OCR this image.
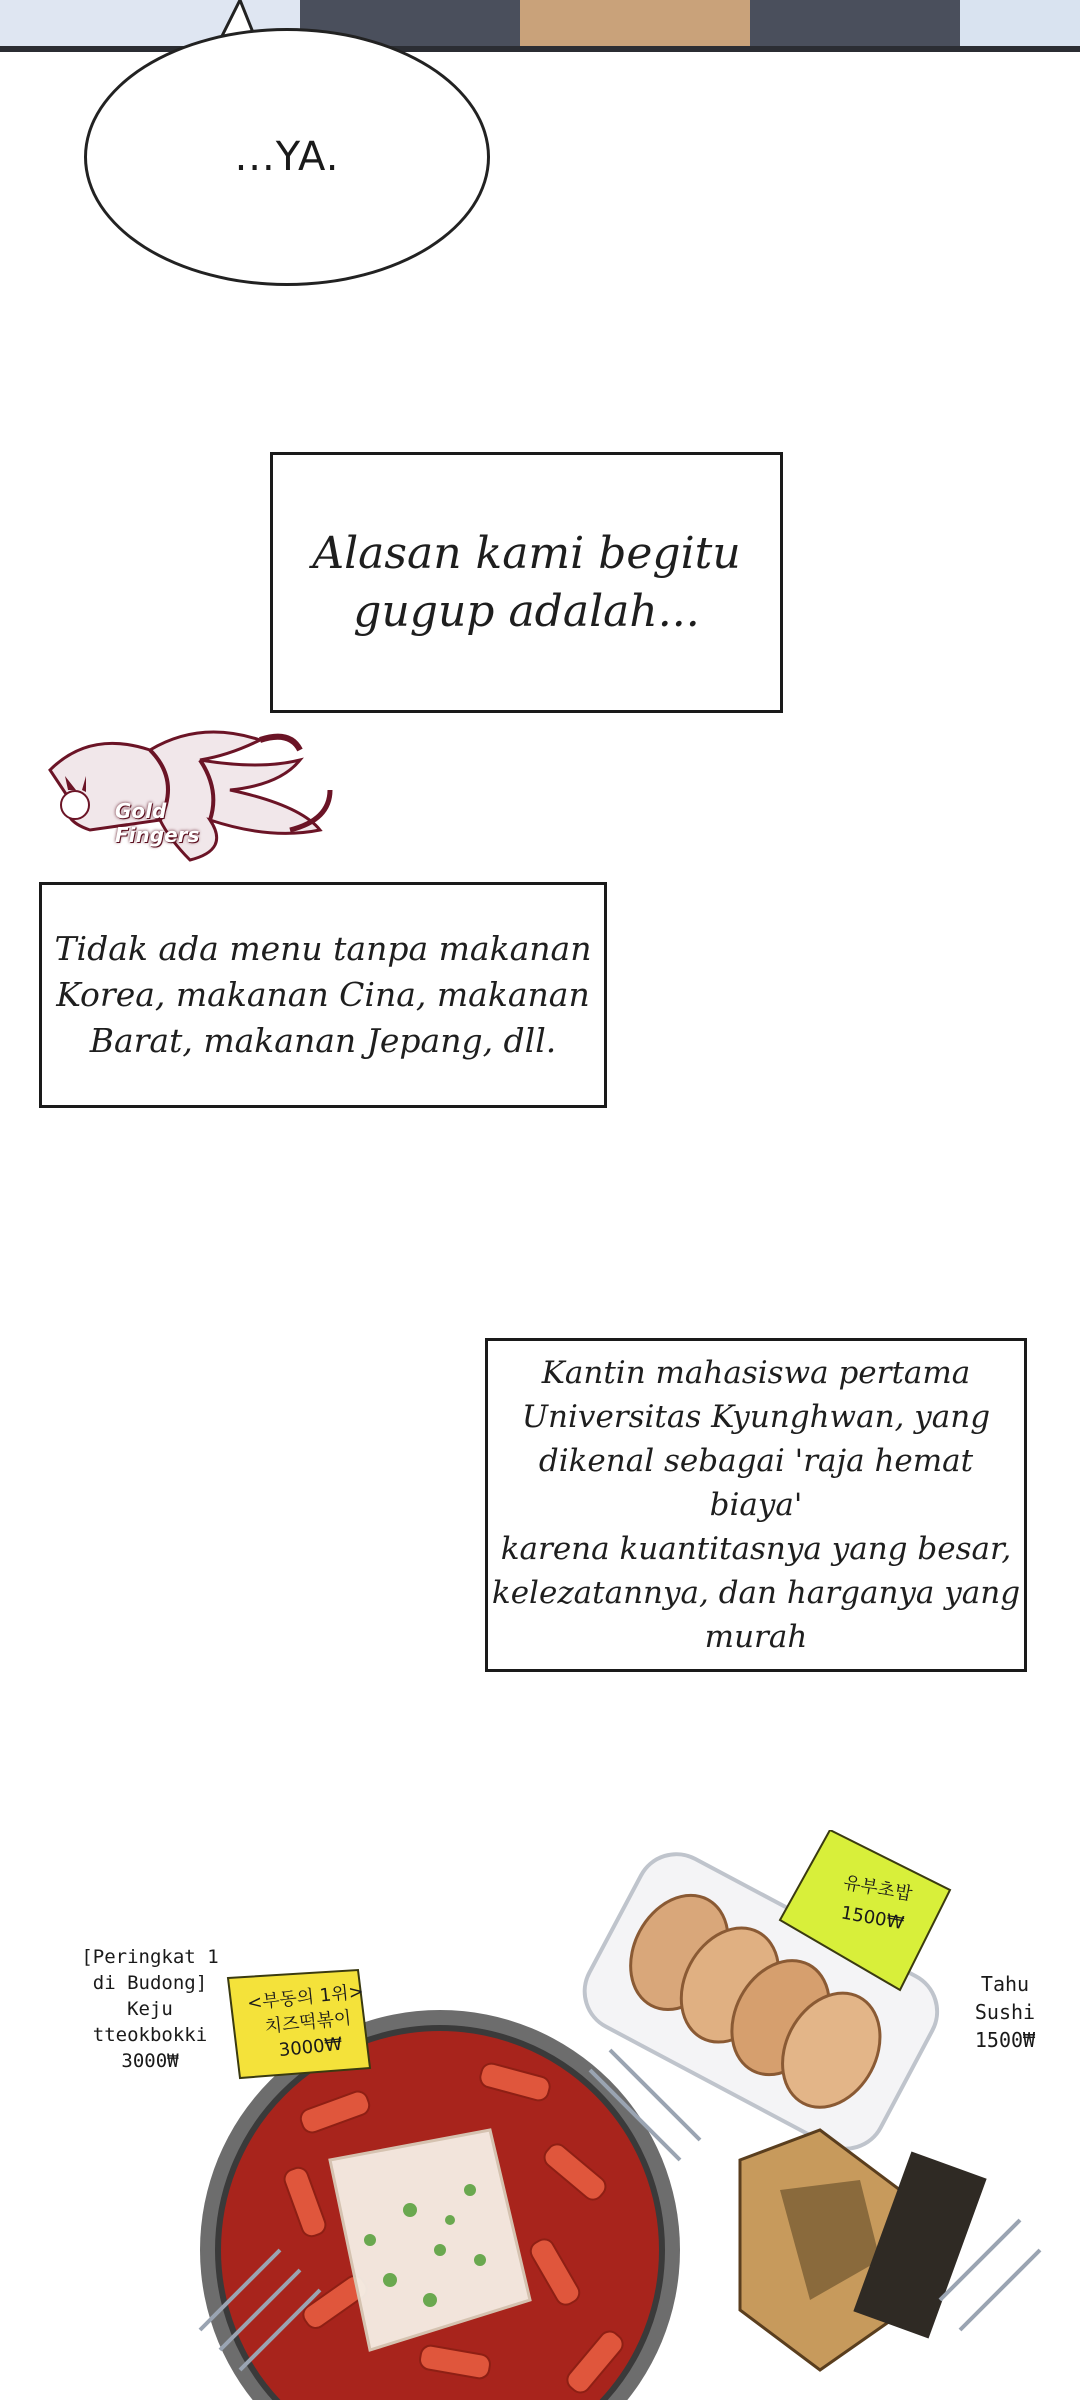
...YA.
Alasan kami begitu
gugup adalah...
Gold Fingers
Tidak ada menu tanpa makanan
Korea, makanan Cina, makanan
Barat, makanan Jepang, dll.
Kantin mahasiswa pertama
Universitas Kyunghwan, yang
dikenal sebagai 'raja hemat biaya'
karena kuantitasnya yang besar,
kelezatannya, dan harganya yang
murah
<부동의 1위>
치즈떡볶이
3000₩
유부초밥
1500₩
[Peringkat 1
di Budong]
Keju
tteokbokki
3000₩
Tahu
Sushi
1500₩
